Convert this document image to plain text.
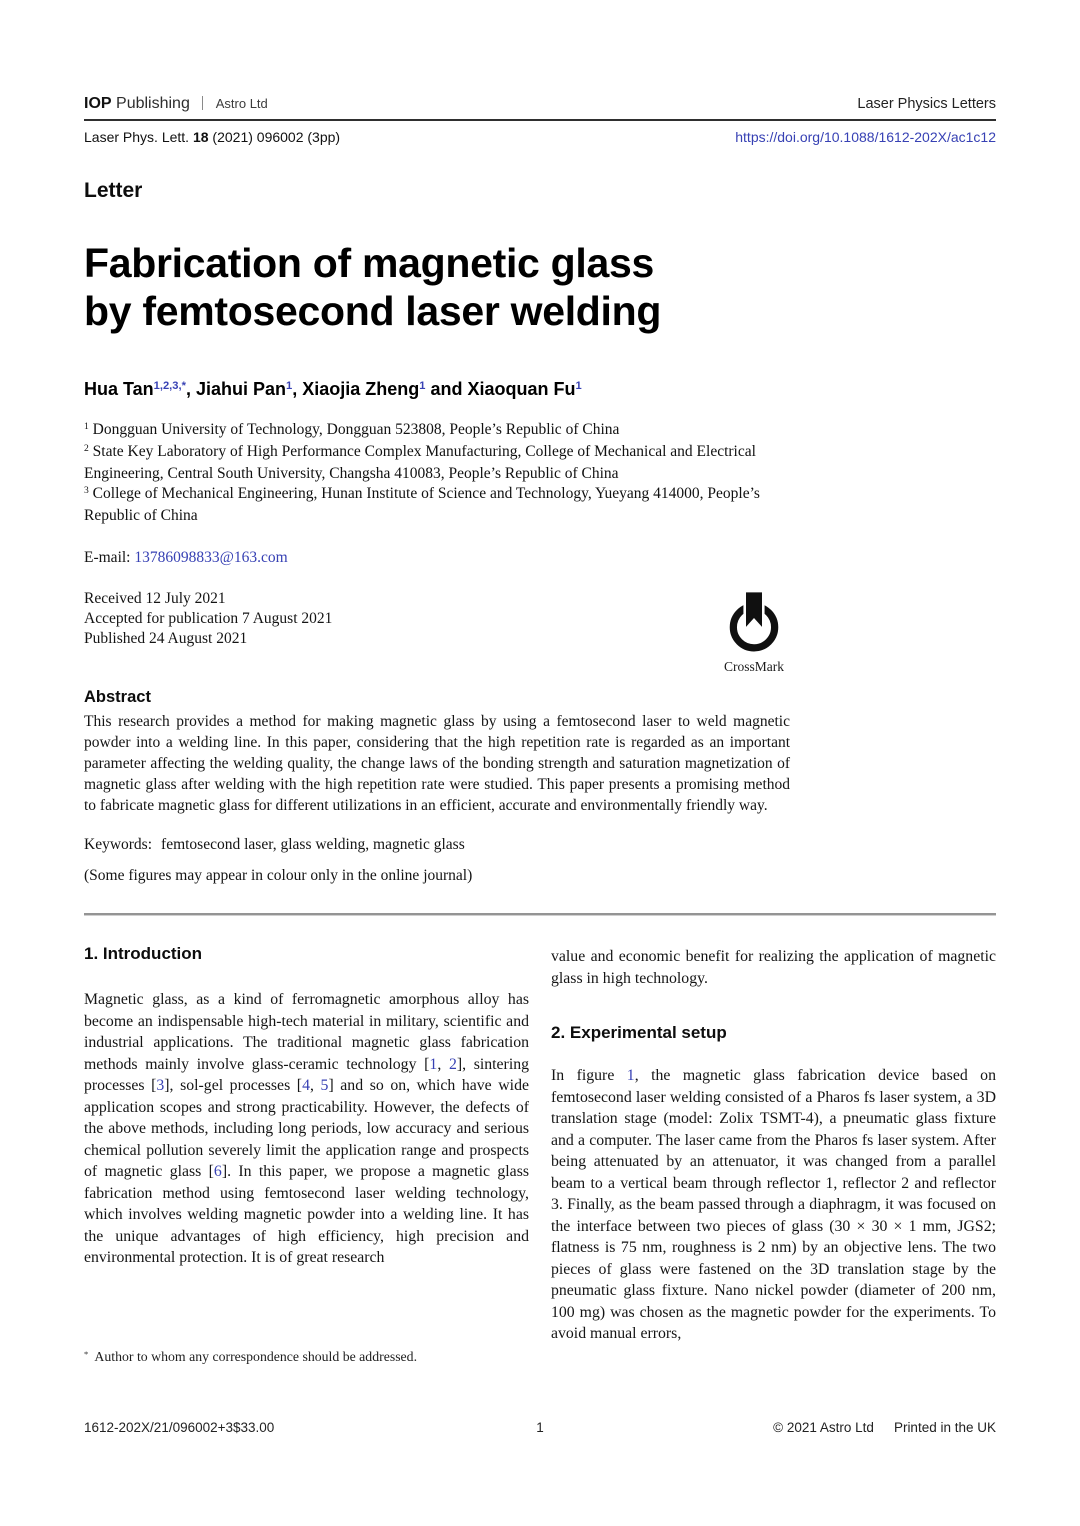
IOP Publishing Astro Ltd	Laser Physics Letters
Laser Phys. Lett. 18 (2021) 096002 (3pp)	https://doi.org/10.1088/1612-202X/ac1c12
Letter
Fabrication of magnetic glass
by femtosecond laser welding
Hua Tan$^{1,2,3,*}$, Jiahui Pan$^1$, Xiaojia Zheng$^1$ and Xiaoquan Fu$^1$

$^1$ Dongguan University of Technology, Dongguan 523808, People’s Republic of China

$^2$ State Key Laboratory of High Performance Complex Manufacturing, College of Mechanical and Electrical Engineering, Central South University, Changsha 410083, People’s Republic of China

$^3$ College of Mechanical Engineering, Hunan Institute of Science and Technology, Yueyang 414000, People’s Republic of China

E-mail: 13786098833@163.com

Received 12 July 2021

Accepted for publication 7 August 2021

Published 24 August 2021

CrossMark
Abstract

This research provides a method for making magnetic glass by using a femtosecond laser to weld magnetic powder into a welding line. In this paper, considering that the high repetition rate is regarded as an important parameter affecting the welding quality, the change laws of the bonding strength and saturation magnetization of magnetic glass after welding with the high repetition rate were studied. This paper presents a promising method to fabricate magnetic glass for different utilizations in an efficient, accurate and environmentally friendly way.

Keywords: femtosecond laser, glass welding, magnetic glass

(Some figures may appear in colour only in the online journal)

1. Introduction

Magnetic glass, as a kind of ferromagnetic amorphous alloy has become an indispensable high-tech material in military, scientific and industrial applications. The traditional magnetic glass fabrication methods mainly involve glass-ceramic technology [1, 2], sintering processes [3], sol-gel processes [4, 5] and so on, which have wide application scopes and strong practicability. However, the defects of the above methods, including long periods, low accuracy and serious chemical pollution severely limit the application range and prospects of magnetic glass [6]. In this paper, we propose a magnetic glass fabrication method using femtosecond laser welding technology, which involves welding magnetic powder into a welding line. It has the unique advantages of high efficiency, high precision and environmental protection. It is of great research

*  Author to whom any correspondence should be addressed.

value and economic benefit for realizing the application of magnetic glass in high technology.

2. Experimental setup

In figure 1, the magnetic glass fabrication device based on femtosecond laser welding consisted of a Pharos fs laser system, a 3D translation stage (model: Zolix TSMT-4), a pneumatic glass fixture and a computer. The laser came from the Pharos fs laser system. After being attenuated by an attenuator, it was changed from a parallel beam to a vertical beam through reflector 1, reflector 2 and reflector 3. Finally, as the beam passed through a diaphragm, it was focused on the interface between two pieces of glass (30 × 30 × 1 mm, JGS2; flatness is 75 nm, roughness is 2 nm) by an objective lens. The two pieces of glass were fastened on the 3D translation stage by the pneumatic glass fixture. Nano nickel powder (diameter of 200 nm, 100 mg) was chosen as the magnetic powder for the experiments. To avoid manual errors,

1612-202X/21/096002+3$33.00	1	© 2021 Astro Ltd Printed in the UK
